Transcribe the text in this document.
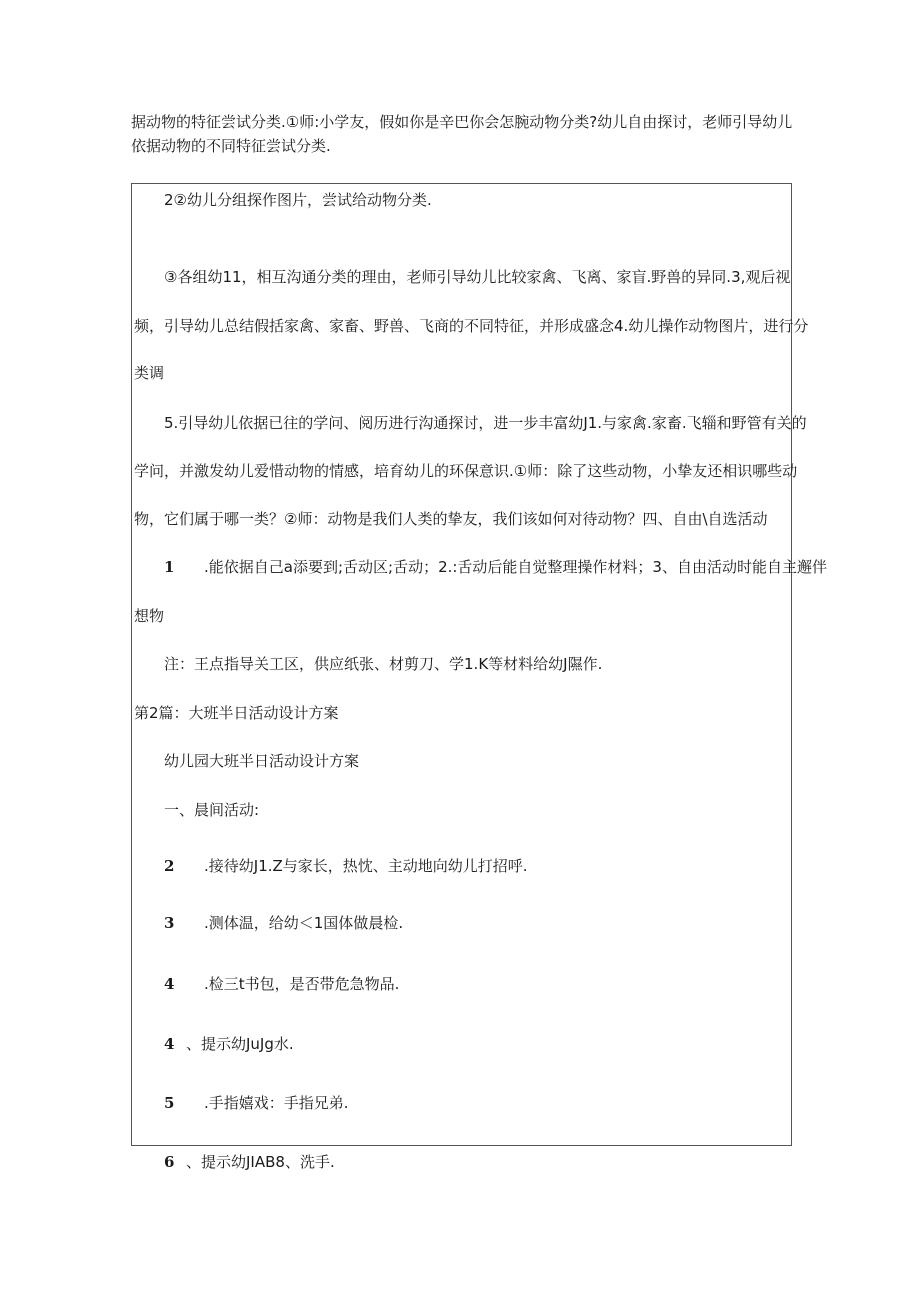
据动物的特征尝试分类.①师:小学友，假如你是辛巴你会怎腕动物分类?幼儿自由探讨，老师引导幼儿
依据动物的不同特征尝试分类.
2②幼儿分组探作图片，尝试给动物分类.
③各组幼11，相互沟通分类的理由，老师引导幼儿比较家禽、飞离、家盲.野兽的异同.3,观后视
频，引导幼儿总结假括家禽、家畜、野兽、飞商的不同特征，并形成盛念4.幼儿操作动物图片，进行分
类调
5.引导幼儿依据已往的学问、阅历进行沟通探讨，进一步丰富幼J1.与家禽.家畜.飞辎和野管有关的
学问，并激发幼儿爱惜动物的情感，培育幼儿的环保意识.①师：除了这些动物，小挚友还相识哪些动
物，它们属于哪一类？②师：动物是我们人类的挚友，我们该如何对待动物？四、自由\自选活动
1 .能依据自己a添要到;舌动区;舌动；2.:舌动后能自觉整理操作材料；3、自由活动时能自主邂伴
想物
注：王点指导关工区，供应纸张、材剪刀、学1.K等材料给幼J隰作.
第2篇：大班半日活动设计方案
幼儿园大班半日活动设计方案
一、晨间活动:
2 .接待幼J1.Z与家长，热忱、主动地向幼儿打招呼.
3 .测体温，给幼＜1国体做晨检.
4 .检三t书包，是否带危急物品.
4 、提示幼JuJg水.
5 .手指嬉戏：手指兄弟.
6 、提示幼JIAB8、洗手.
